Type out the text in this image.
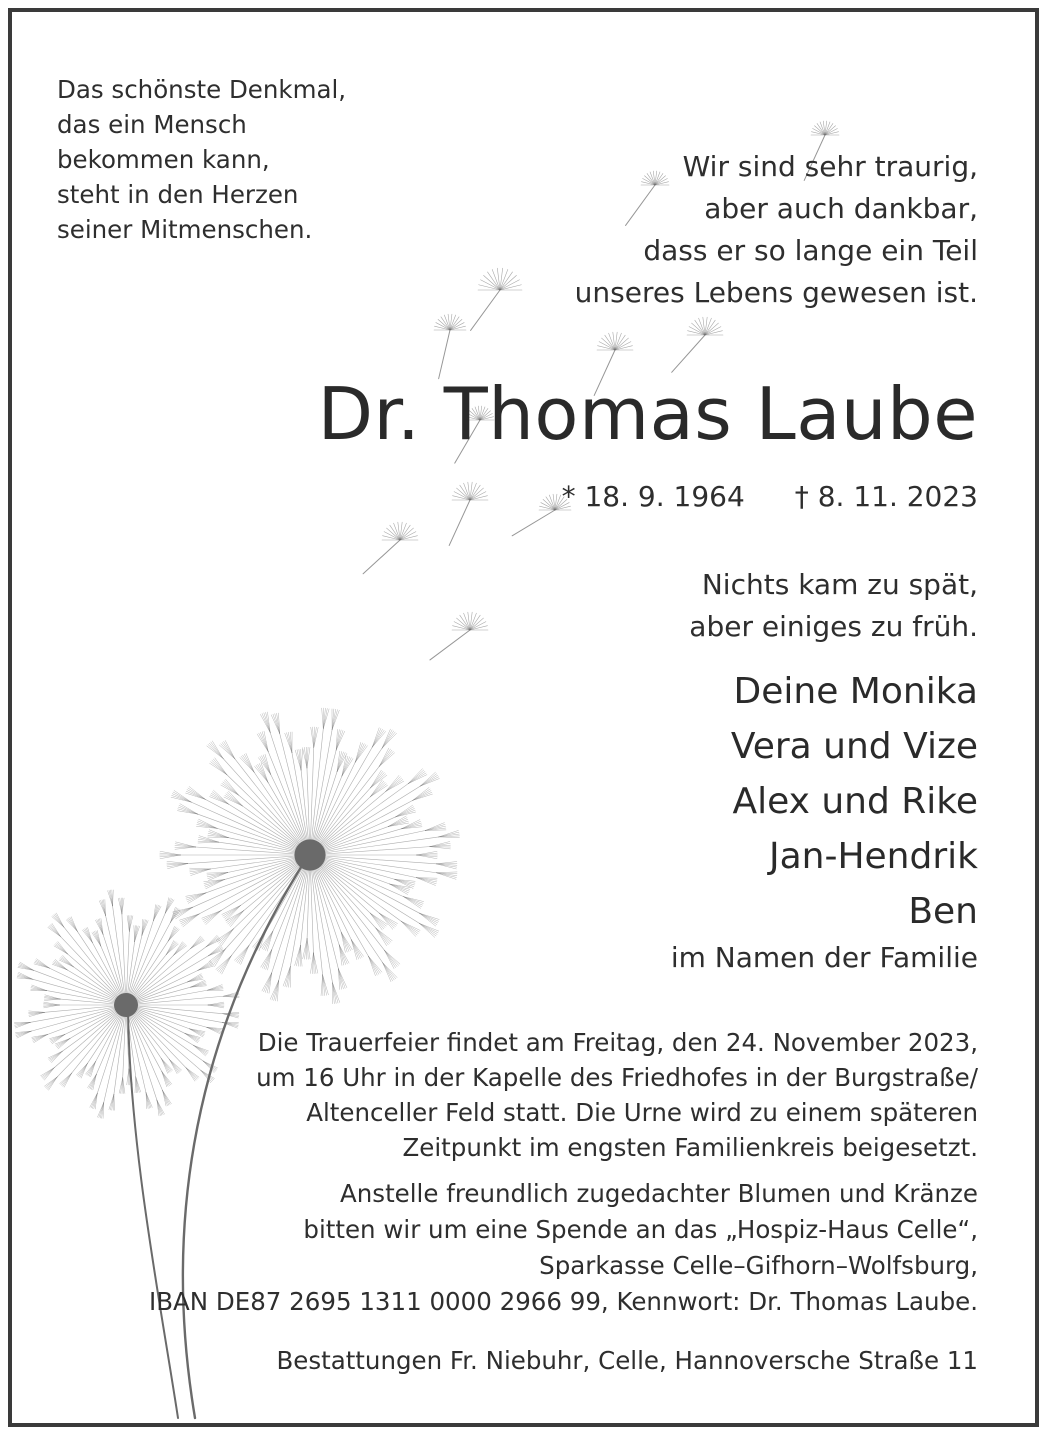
Das schönste Denkmal,
das ein Mensch
bekommen kann,
steht in den Herzen
seiner Mitmenschen.
Wir sind sehr traurig,
aber auch dankbar,
dass er so lange ein Teil
unseres Lebens gewesen ist.
Dr. Thomas Laube
* 18. 9. 1964 † 8. 11. 2023
Nichts kam zu spät,
aber einiges zu früh.
Deine Monika
Vera und Vize
Alex und Rike
Jan-Hendrik
Ben
im Namen der Familie
Die Trauerfeier findet am Freitag, den 24. November 2023,
um 16 Uhr in der Kapelle des Friedhofes in der Burgstraße/
Altenceller Feld statt. Die Urne wird zu einem späteren
Zeitpunkt im engsten Familienkreis beigesetzt.
Anstelle freundlich zugedachter Blumen und Kränze
bitten wir um eine Spende an das „Hospiz-Haus Celle“,
Sparkasse Celle–Gifhorn–Wolfsburg,
IBAN DE87 2695 1311 0000 2966 99, Kennwort: Dr. Thomas Laube.
Bestattungen Fr. Niebuhr, Celle, Hannoversche Straße 11
